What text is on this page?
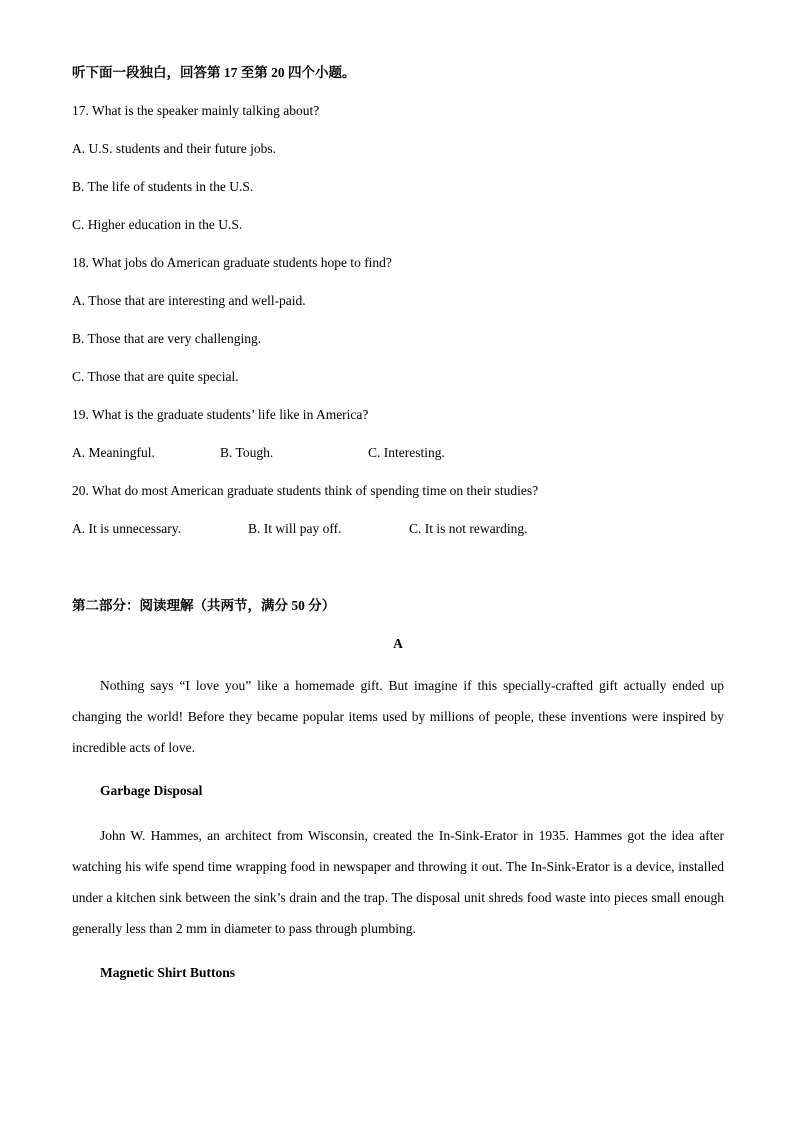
听下面一段独白，回答第 17 至第 20 四个小题。
17. What is the speaker mainly talking about?
A. U.S. students and their future jobs.
B. The life of students in the U.S.
C. Higher education in the U.S.
18. What jobs do American graduate students hope to find?
A. Those that are interesting and well-paid.
B. Those that are very challenging.
C. Those that are quite special.
19. What is the graduate students’ life like in America?
A. Meaningful.	B. Tough.	C. Interesting.
20. What do most American graduate students think of spending time on their studies?
A. It is unnecessary.	B. It will pay off.	C. It is not rewarding.
第二部分：阅读理解（共两节，满分 50 分）
A
Nothing says “I love you” like a homemade gift. But imagine if this specially-crafted gift actually ended up changing the world! Before they became popular items used by millions of people, these inventions were inspired by incredible acts of love.
Garbage Disposal
John W. Hammes, an architect from Wisconsin, created the In-Sink-Erator in 1935. Hammes got the idea after watching his wife spend time wrapping food in newspaper and throwing it out. The In-Sink-Erator is a device, installed under a kitchen sink between the sink’s drain and the trap. The disposal unit shreds food waste into pieces small enough generally less than 2 mm in diameter to pass through plumbing.
Magnetic Shirt Buttons
